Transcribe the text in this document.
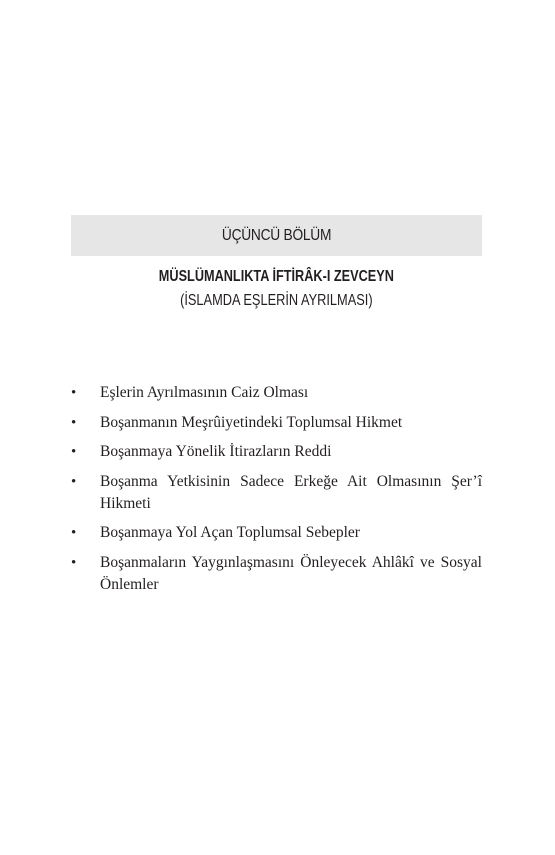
ÜÇÜNCÜ BÖLÜM
MÜSLÜMANLIKTA İFTİRÂK-I ZEVCEYN
(İSLAMDA EŞLERİN AYRILMASI)
• Eşlerin Ayrılmasının Caiz Olması
• Boşanmanın Meşrûiyetindeki Toplumsal Hikmet
• Boşanmaya Yönelik İtirazların Reddi
• Boşanma Yetkisinin Sadece Erkeğe Ait Olmasının Şer’î Hikmeti
• Boşanmaya Yol Açan Toplumsal Sebepler
• Boşanmaların Yaygınlaşmasını Önleyecek Ahlâkî ve Sosyal Önlemler
